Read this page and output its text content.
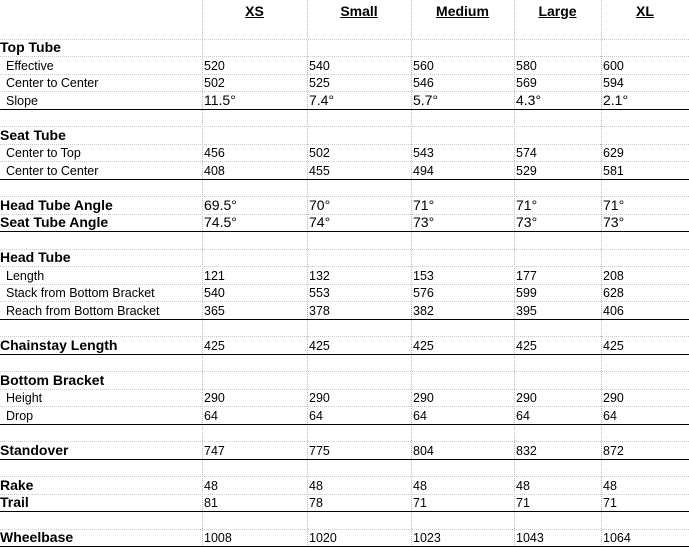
XS	Small	Medium	Large	XL
Top Tube
Effective	520	540	560	580	600
Center to Center	502	525	546	569	594
Slope	11.5°	7.4°	5.7°	4.3°	2.1°
Seat Tube
Center to Top	456	502	543	574	629
Center to Center	408	455	494	529	581
Head Tube Angle	69.5°	70°	71°	71°	71°
Seat Tube Angle	74.5°	74°	73°	73°	73°
Head Tube
Length	121	132	153	177	208
Stack from Bottom Bracket	540	553	576	599	628
Reach from Bottom Bracket	365	378	382	395	406
Chainstay Length	425	425	425	425	425
Bottom Bracket
Height	290	290	290	290	290
Drop	64	64	64	64	64
Standover	747	775	804	832	872
Rake	48	48	48	48	48
Trail	81	78	71	71	71
Wheelbase	1008	1020	1023	1043	1064
